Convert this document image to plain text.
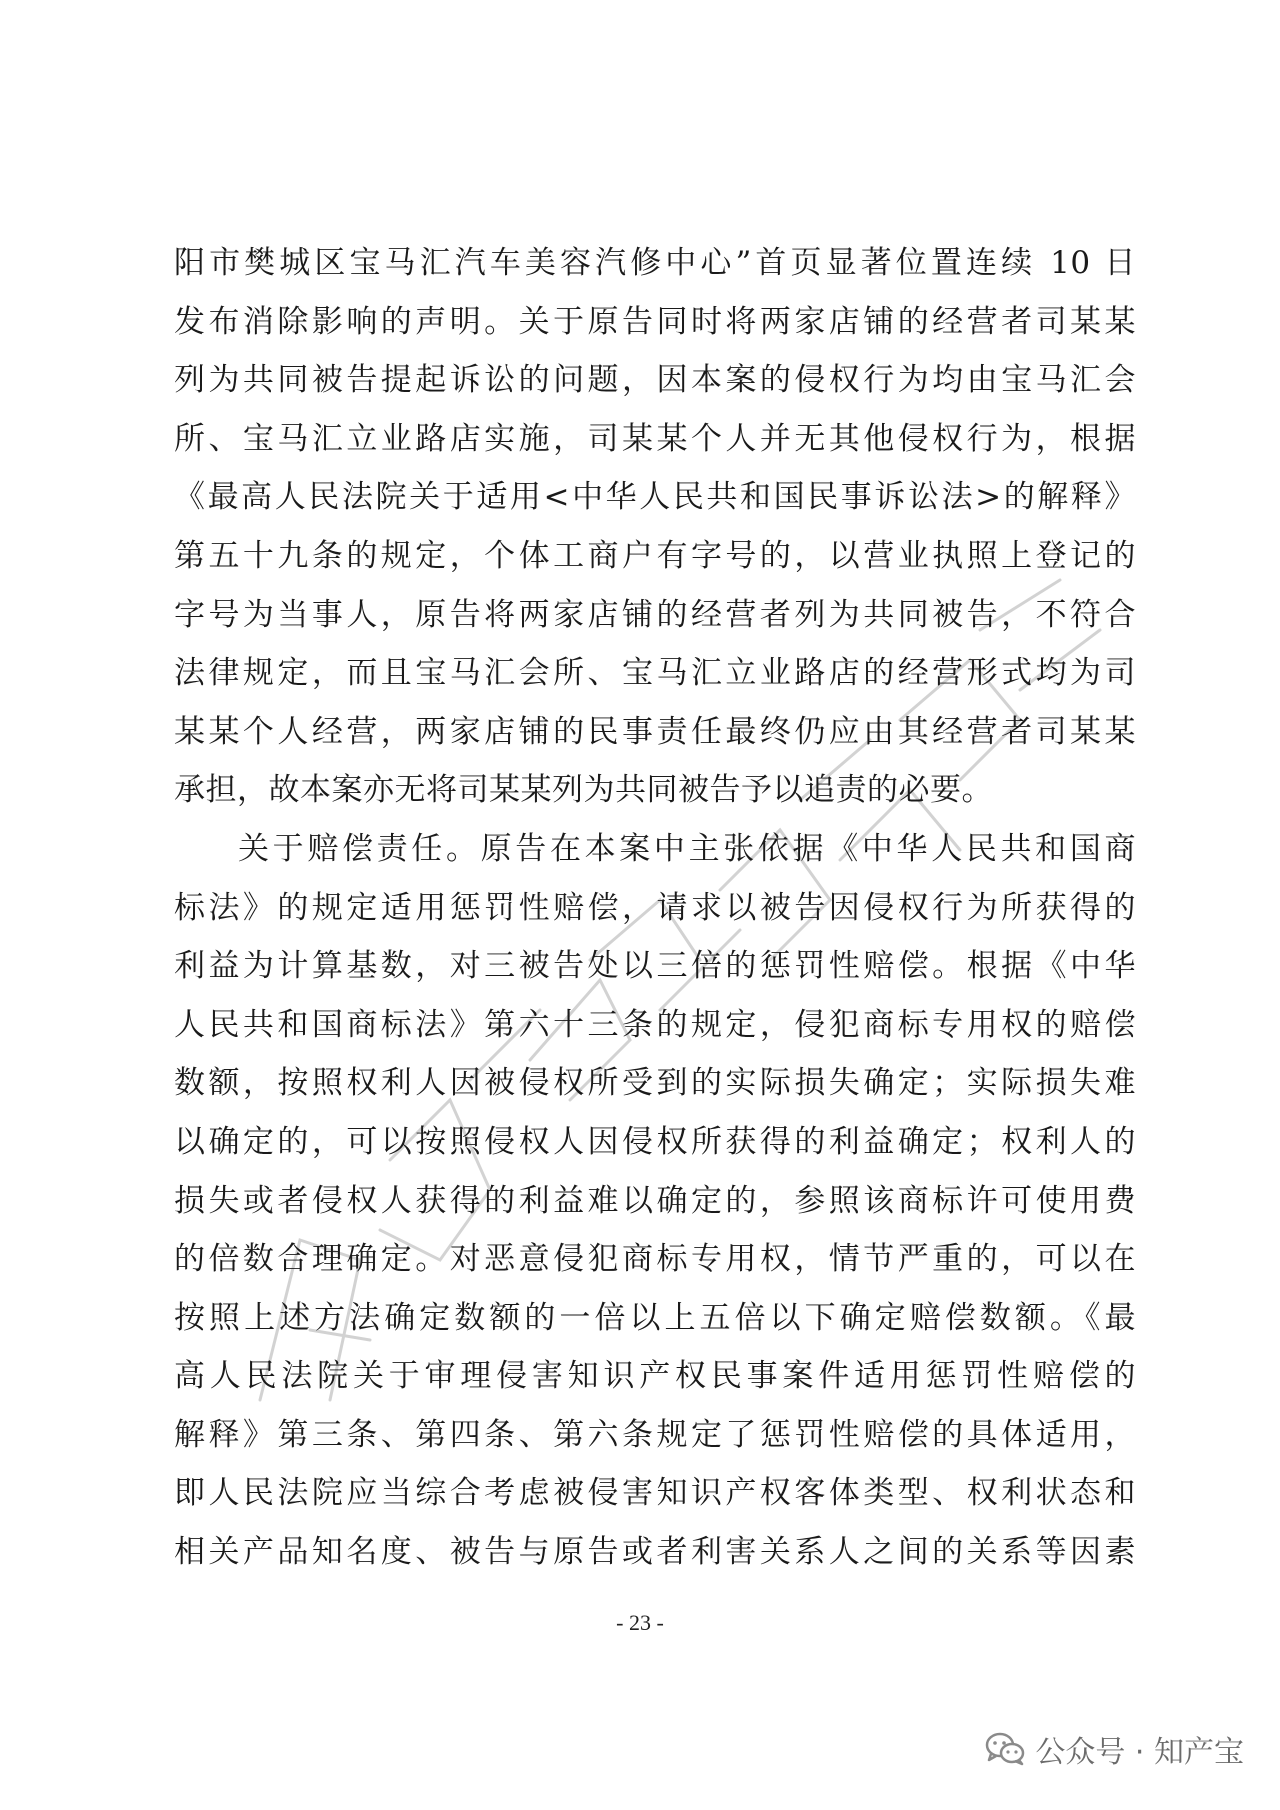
阳市樊城区宝马汇汽车美容汽修中心”首页显著位置连续 10 日
发布消除影响的声明。关于原告同时将两家店铺的经营者司某某
列为共同被告提起诉讼的问题，因本案的侵权行为均由宝马汇会
所、宝马汇立业路店实施，司某某个人并无其他侵权行为，根据
《最高人民法院关于适用<中华人民共和国民事诉讼法>的解释》
第五十九条的规定，个体工商户有字号的，以营业执照上登记的
字号为当事人，原告将两家店铺的经营者列为共同被告，不符合
法律规定，而且宝马汇会所、宝马汇立业路店的经营形式均为司
某某个人经营，两家店铺的民事责任最终仍应由其经营者司某某
承担，故本案亦无将司某某列为共同被告予以追责的必要。
关于赔偿责任。原告在本案中主张依据《中华人民共和国商
标法》的规定适用惩罚性赔偿，请求以被告因侵权行为所获得的
利益为计算基数，对三被告处以三倍的惩罚性赔偿。根据《中华
人民共和国商标法》第六十三条的规定，侵犯商标专用权的赔偿
数额，按照权利人因被侵权所受到的实际损失确定；实际损失难
以确定的，可以按照侵权人因侵权所获得的利益确定；权利人的
损失或者侵权人获得的利益难以确定的，参照该商标许可使用费
的倍数合理确定。对恶意侵犯商标专用权，情节严重的，可以在
按照上述方法确定数额的一倍以上五倍以下确定赔偿数额。《最
高人民法院关于审理侵害知识产权民事案件适用惩罚性赔偿的
解释》第三条、第四条、第六条规定了惩罚性赔偿的具体适用，
即人民法院应当综合考虑被侵害知识产权客体类型、权利状态和
相关产品知名度、被告与原告或者利害关系人之间的关系等因素
- 23 -
公众号 · 知产宝
